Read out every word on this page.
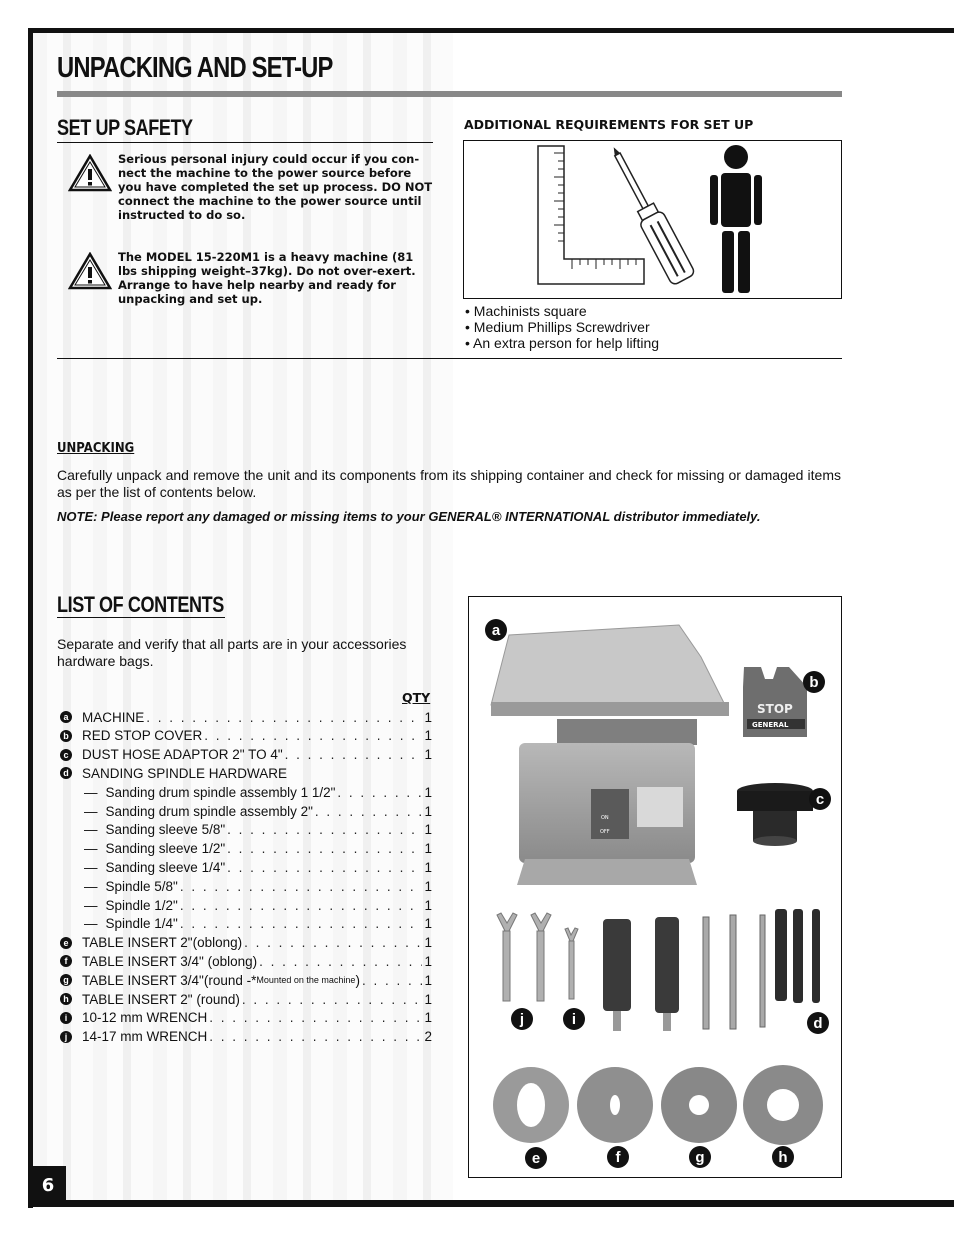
6
UNPACKING AND SET-UP
SET UP SAFETY
Serious personal injury could occur if you con-nect the machine to the power source before you have completed the set up process. DO NOT connect the machine to the power source until instructed to do so.
The MODEL 15-220M1 is a heavy machine (81 lbs shipping weight–37kg). Do not over-exert. Arrange to have help nearby and ready for unpacking and set up.
ADDITIONAL REQUIREMENTS FOR SET UP
• Machinists square
• Medium Phillips Screwdriver
• An extra person for help lifting
UNPACKING
Carefully unpack and remove the unit and its components from its shipping container and check for missing or damaged items as per the list of contents below.
NOTE: Please report any damaged or missing items to your GENERAL® INTERNATIONAL distributor immediately.
LIST OF CONTENTS
Separate and verify that all parts are in your accessories hardware bags.
QTY
a MACHINE . . .	1
b RED STOP COVER . . .	1
c DUST HOSE ADAPTOR 2" TO 4" . . .	1
d SANDING SPINDLE HARDWARE
— Sanding drum spindle assembly 1 1/2" . . .	1
— Sanding drum spindle assembly 2" . . .	1
— Sanding sleeve 5/8" . . .	1
— Sanding sleeve 1/2" . . .	1
— Sanding sleeve 1/4" . . .	1
— Spindle 5/8" . . .	1
— Spindle 1/2" . . .	1
— Spindle 1/4" . . .	1
e TABLE INSERT 2"(oblong) . . .	1
f	TABLE INSERT 3/4" (oblong) . . .	1
g TABLE INSERT 3/4"(round -* Mounted on the machine ) . . .	1
h TABLE INSERT 2" (round) . . .	1
i	10-12 mm WRENCH . . .	1
j	14-17 mm WRENCH . . .	2
ON
OFF
STOP
GENERAL
a
b
c
d
e	f	g	h
i
j
